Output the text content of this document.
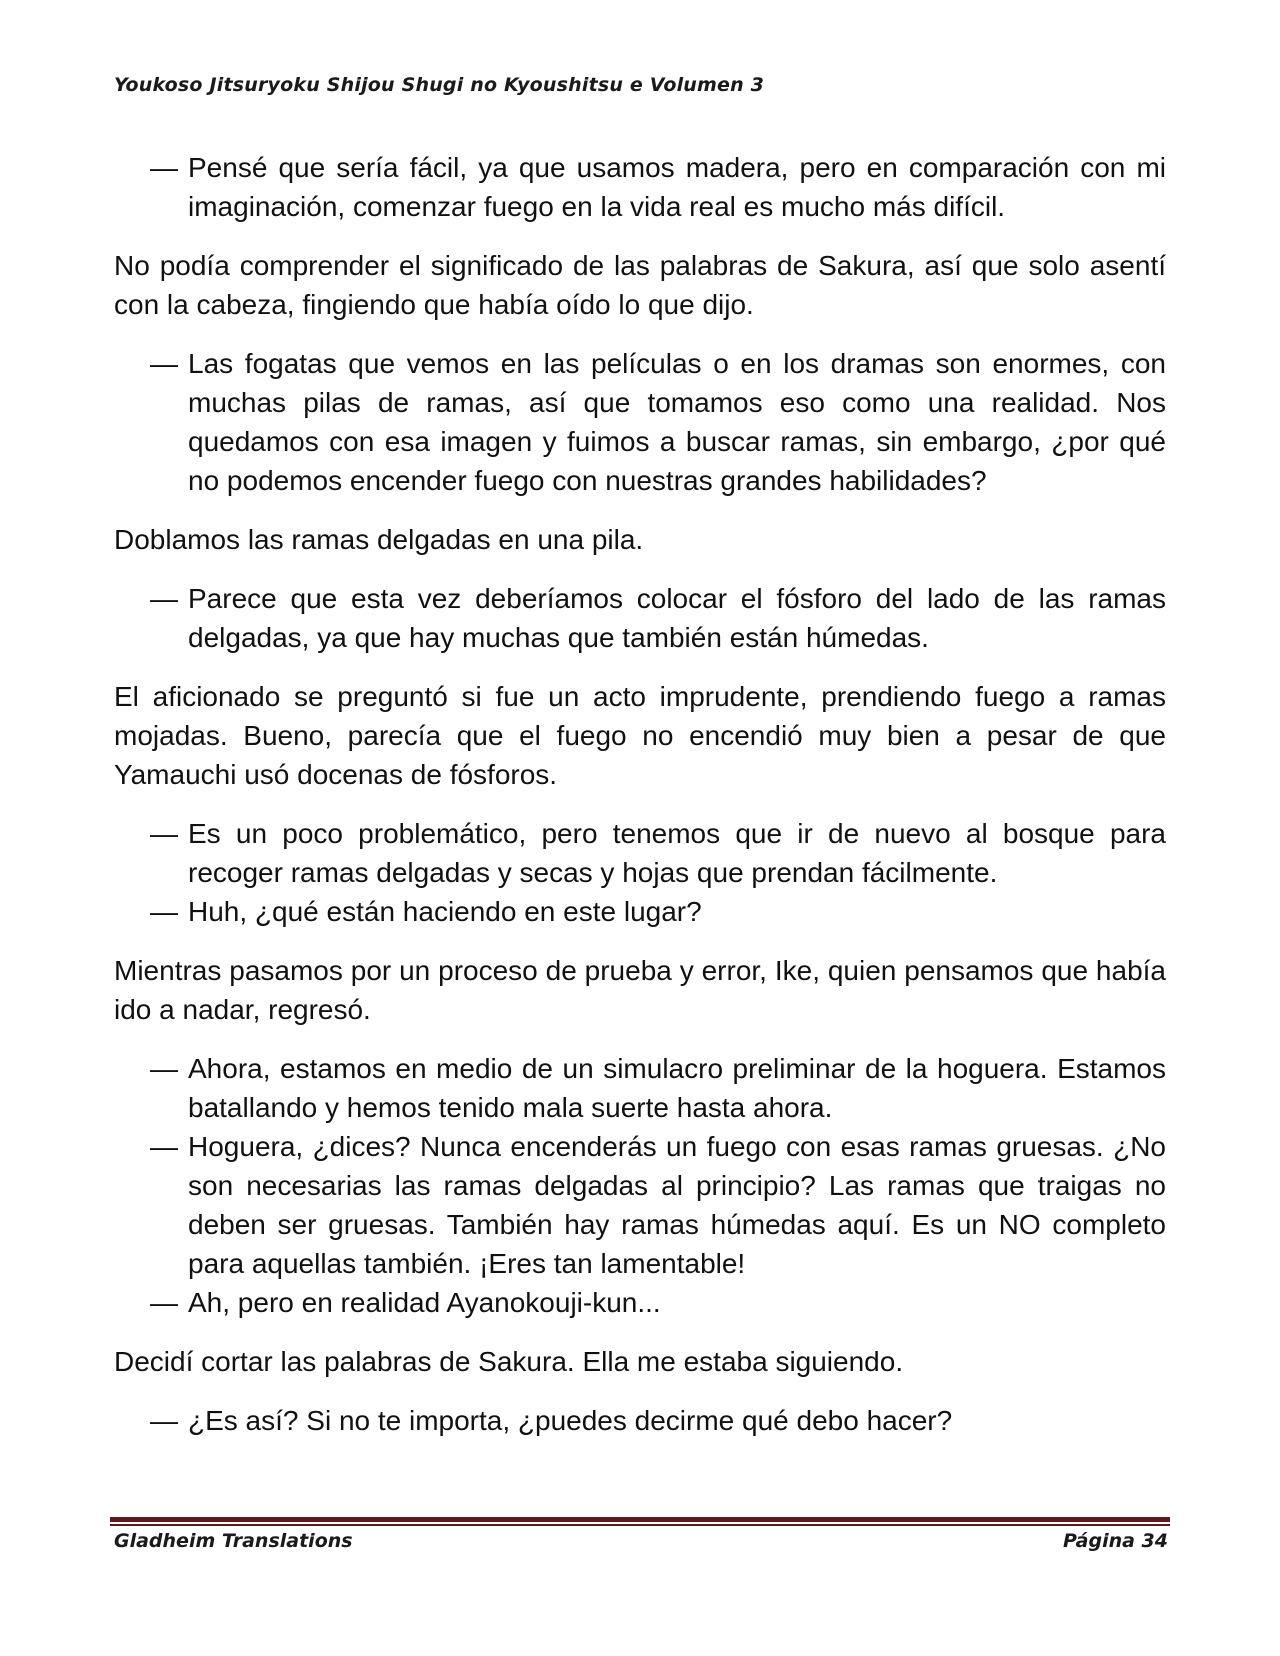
Youkoso Jitsuryoku Shijou Shugi no Kyoushitsu e Volumen 3
— Pensé que sería fácil, ya que usamos madera, pero en comparación con mi imaginación, comenzar fuego en la vida real es mucho más difícil.

No podía comprender el significado de las palabras de Sakura, así que solo asentí con la cabeza, fingiendo que había oído lo que dijo.

— Las fogatas que vemos en las películas o en los dramas son enormes, con muchas pilas de ramas, así que tomamos eso como una realidad. Nos quedamos con esa imagen y fuimos a buscar ramas, sin embargo, ¿por qué no podemos encender fuego con nuestras grandes habilidades?

Doblamos las ramas delgadas en una pila.

— Parece que esta vez deberíamos colocar el fósforo del lado de las ramas delgadas, ya que hay muchas que también están húmedas.

El aficionado se preguntó si fue un acto imprudente, prendiendo fuego a ramas mojadas. Bueno, parecía que el fuego no encendió muy bien a pesar de que Yamauchi usó docenas de fósforos.

— Es un poco problemático, pero tenemos que ir de nuevo al bosque para recoger ramas delgadas y secas y hojas que prendan fácilmente.
— Huh, ¿qué están haciendo en este lugar?

Mientras pasamos por un proceso de prueba y error, Ike, quien pensamos que había ido a nadar, regresó.

— Ahora, estamos en medio de un simulacro preliminar de la hoguera. Estamos batallando y hemos tenido mala suerte hasta ahora.
— Hoguera, ¿dices? Nunca encenderás un fuego con esas ramas gruesas. ¿No son necesarias las ramas delgadas al principio? Las ramas que traigas no deben ser gruesas. También hay ramas húmedas aquí. Es un NO completo para aquellas también. ¡Eres tan lamentable!
— Ah, pero en realidad Ayanokouji-kun...

Decidí cortar las palabras de Sakura. Ella me estaba siguiendo.

— ¿Es así? Si no te importa, ¿puedes decirme qué debo hacer?
Gladheim Translations	Página 34
